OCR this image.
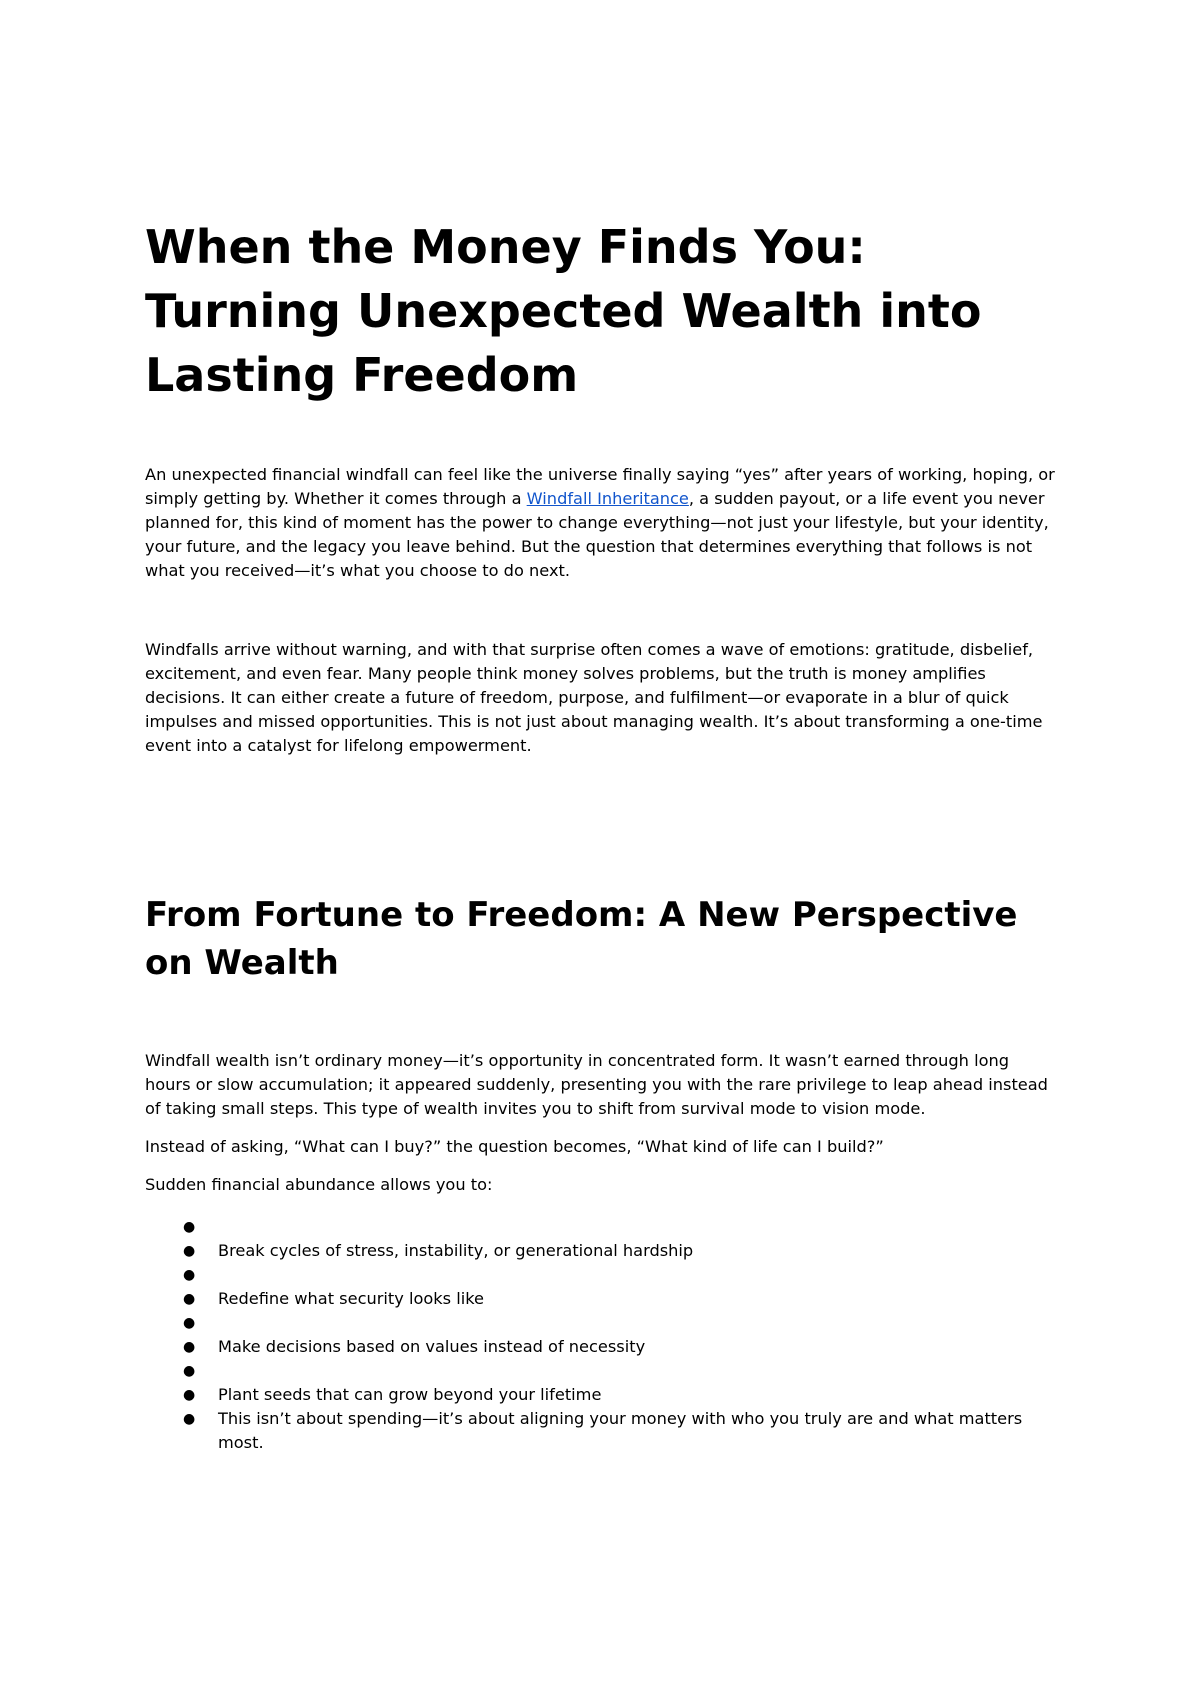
When the Money Finds You: Turning Unexpected Wealth into Lasting Freedom

An unexpected financial windfall can feel like the universe finally saying “yes” after years of working, hoping, or simply getting by. Whether it comes through a Windfall Inheritance, a sudden payout, or a life event you never planned for, this kind of moment has the power to change everything—not just your lifestyle, but your identity, your future, and the legacy you leave behind. But the question that determines everything that follows is not what you received—it’s what you choose to do next.

Windfalls arrive without warning, and with that surprise often comes a wave of emotions: gratitude, disbelief, excitement, and even fear. Many people think money solves problems, but the truth is money amplifies decisions. It can either create a future of freedom, purpose, and fulfilment—or evaporate in a blur of quick impulses and missed opportunities. This is not just about managing wealth. It’s about transforming a one-time event into a catalyst for lifelong empowerment.

From Fortune to Freedom: A New Perspective on Wealth

Windfall wealth isn’t ordinary money—it’s opportunity in concentrated form. It wasn’t earned through long hours or slow accumulation; it appeared suddenly, presenting you with the rare privilege to leap ahead instead of taking small steps. This type of wealth invites you to shift from survival mode to vision mode.

Instead of asking, “What can I buy?” the question becomes, “What kind of life can I build?”

Sudden financial abundance allows you to:

●
● Break cycles of stress, instability, or generational hardship
●
● Redefine what security looks like
●
● Make decisions based on values instead of necessity
●
● Plant seeds that can grow beyond your lifetime
● This isn’t about spending—it’s about aligning your money with who you truly are and what matters most.
